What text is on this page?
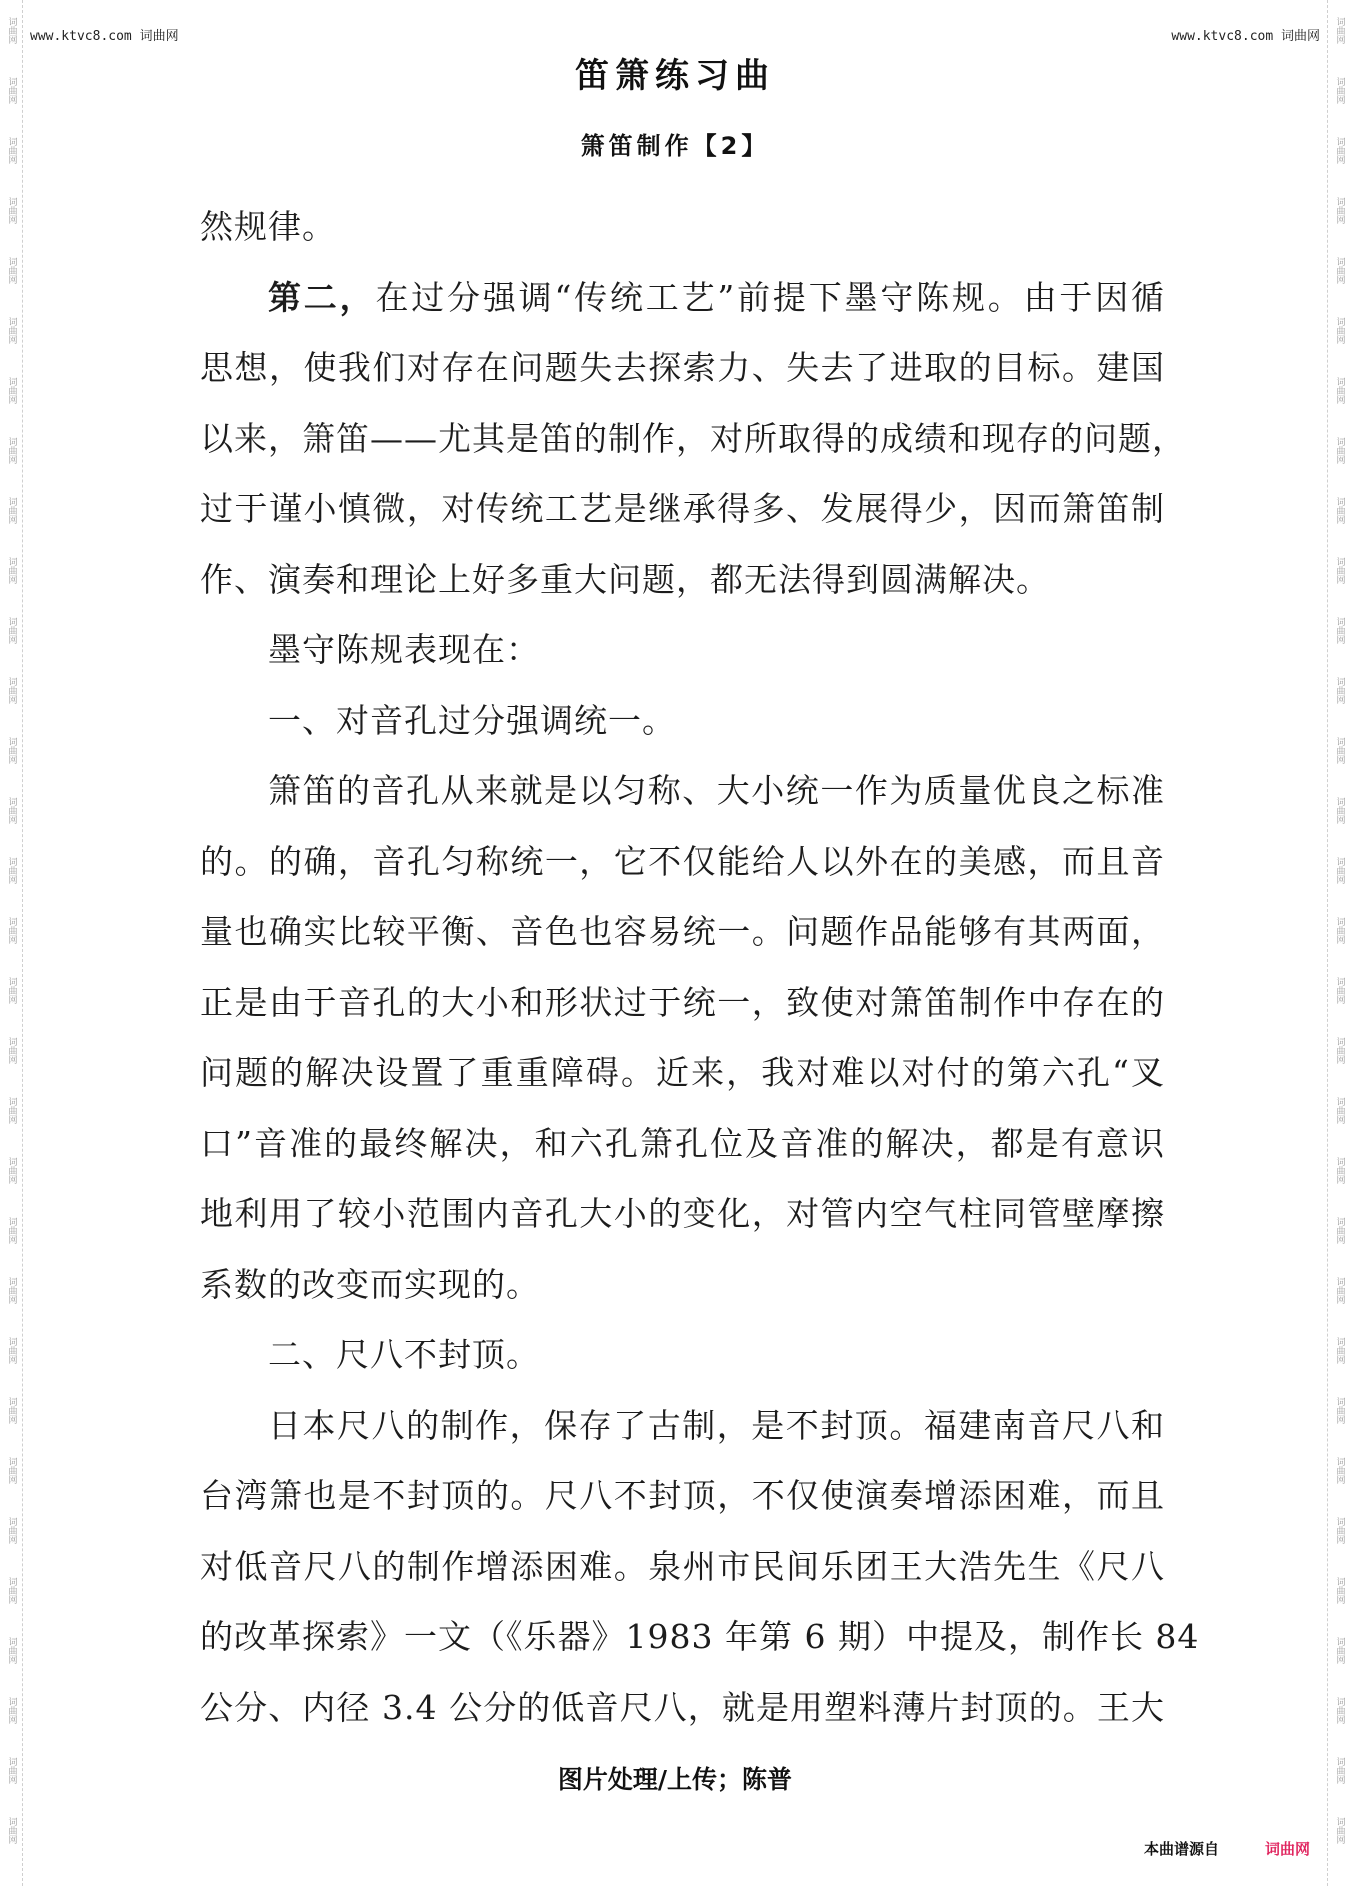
词曲网
词曲网
词曲网
词曲网
词曲网
词曲网
词曲网
词曲网
词曲网
词曲网
词曲网
词曲网
词曲网
词曲网
词曲网
词曲网
词曲网
词曲网
词曲网
词曲网
词曲网
词曲网
词曲网
词曲网
词曲网
词曲网
词曲网
词曲网
词曲网
词曲网
词曲网
词曲网
词曲网
词曲网
词曲网
词曲网
词曲网
词曲网
词曲网
词曲网
词曲网
词曲网
词曲网
词曲网
词曲网
词曲网
词曲网
词曲网
词曲网
词曲网
词曲网
词曲网
词曲网
词曲网
词曲网
词曲网
词曲网
词曲网
词曲网
词曲网
词曲网
词曲网
www.ktvc8.com 词曲网	www.ktvc8.com 词曲网
笛箫练习曲
箫笛制作【2】
然规律。
第二，在过分强调“传统工艺”前提下墨守陈规。由于因循
思想，使我们对存在问题失去探索力、失去了进取的目标。建国
以来，箫笛——尤其是笛的制作，对所取得的成绩和现存的问题，
过于谨小慎微，对传统工艺是继承得多、发展得少，因而箫笛制
作、演奏和理论上好多重大问题，都无法得到圆满解决。
墨守陈规表现在：
一、对音孔过分强调统一。
箫笛的音孔从来就是以匀称、大小统一作为质量优良之标准
的。的确，音孔匀称统一，它不仅能给人以外在的美感，而且音
量也确实比较平衡、音色也容易统一。问题作品能够有其两面，
正是由于音孔的大小和形状过于统一，致使对箫笛制作中存在的
问题的解决设置了重重障碍。近来，我对难以对付的第六孔“叉
口”音准的最终解决，和六孔箫孔位及音准的解决，都是有意识
地利用了较小范围内音孔大小的变化，对管内空气柱同管壁摩擦
系数的改变而实现的。
二、尺八不封顶。
日本尺八的制作，保存了古制，是不封顶。福建南音尺八和
台湾箫也是不封顶的。尺八不封顶，不仅使演奏增添困难，而且
对低音尺八的制作增添困难。泉州市民间乐团王大浩先生《尺八
的改革探索》一文（《乐器》1983 年第 6 期）中提及，制作长 84
公分、内径 3.4 公分的低音尺八，就是用塑料薄片封顶的。王大
图片处理/上传；陈普
本曲谱源自	词曲网
